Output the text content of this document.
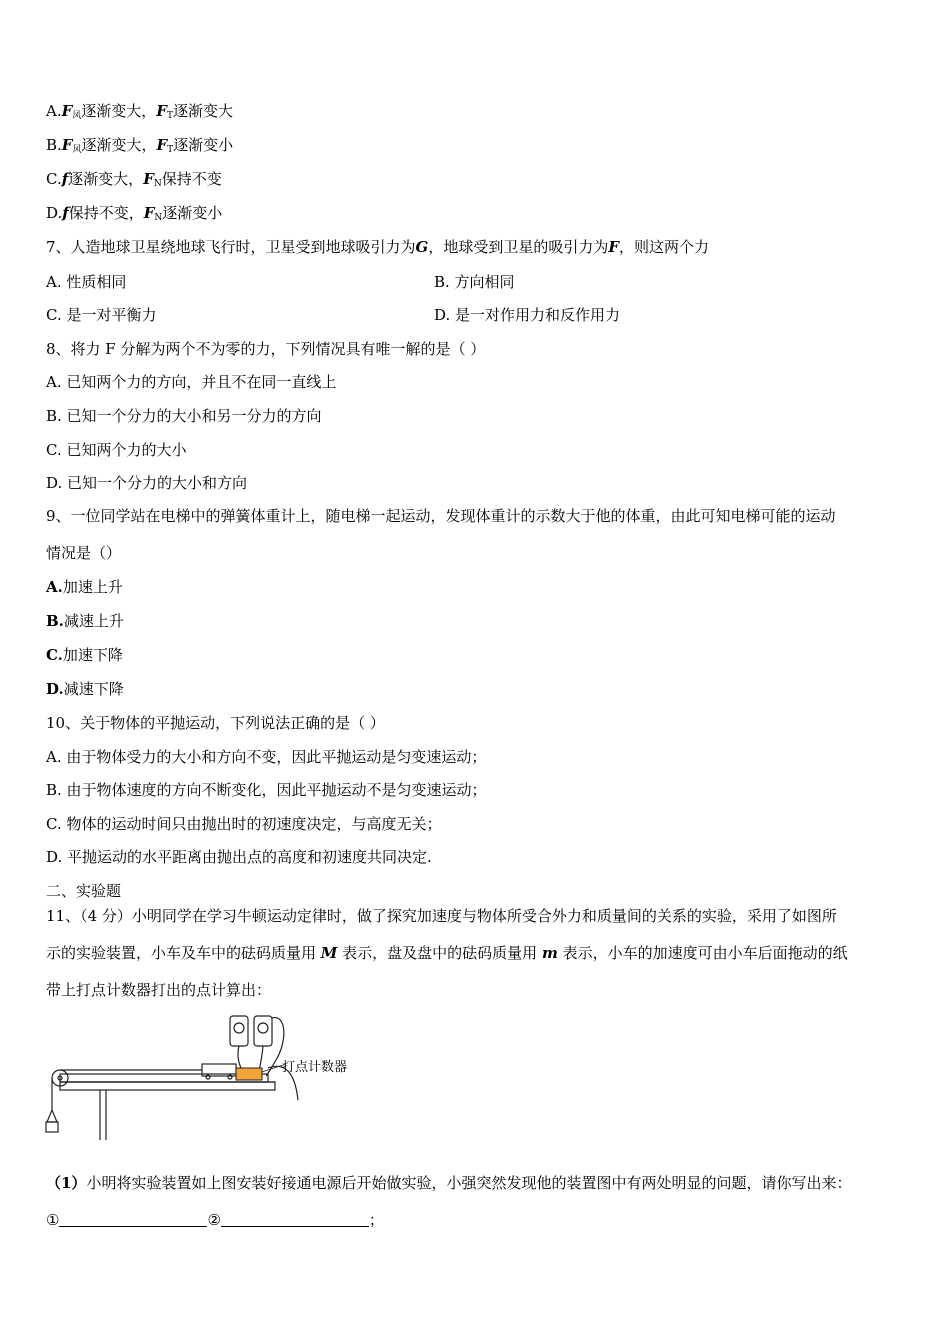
$A.F_风$逐渐变大，$F_T$逐渐变大
$B.F_风$逐渐变大，$F_T$逐渐变小
C.f逐渐变大，$F_N$保持不变
D.f保持不变，$F_N$逐渐变小
7、人造地球卫星绕地球飞行时，卫星受到地球吸引力为G，地球受到卫星的吸引力为F，则这两个力
A. 性质相同	B. 方向相同
C. 是一对平衡力	D. 是一对作用力和反作用力
8、将力 F 分解为两个不为零的力，下列情况具有唯一解的是（ ）
A. 已知两个力的方向，并且不在同一直线上
B. 已知一个分力的大小和另一分力的方向
C. 已知两个力的大小
D. 已知一个分力的大小和方向
9、一位同学站在电梯中的弹簧体重计上，随电梯一起运动，发现体重计的示数大于他的体重，由此可知电梯可能的运动
情况是（）
A.加速上升
B.减速上升
C.加速下降
D.减速下降
10、关于物体的平抛运动，下列说法正确的是（ ）
A. 由于物体受力的大小和方向不变，因此平抛运动是匀变速运动；
B. 由于物体速度的方向不断变化，因此平抛运动不是匀变速运动；
C. 物体的运动时间只由抛出时的初速度决定，与高度无关；
D. 平抛运动的水平距离由抛出点的高度和初速度共同决定.
二、实验题
11、（4 分）小明同学在学习牛顿运动定律时，做了探究加速度与物体所受合外力和质量间的关系的实验，采用了如图所
示的实验装置，小车及车中的砝码质量用 M 表示，盘及盘中的砝码质量用 m 表示，小车的加速度可由小车后面拖动的纸
带上打点计数器打出的点计算出：
打点计数器
（1）小明将实验装置如上图安装好接通电源后开始做实验，小强突然发现他的装置图中有两处明显的问题，请你写出来：
①	②	；
